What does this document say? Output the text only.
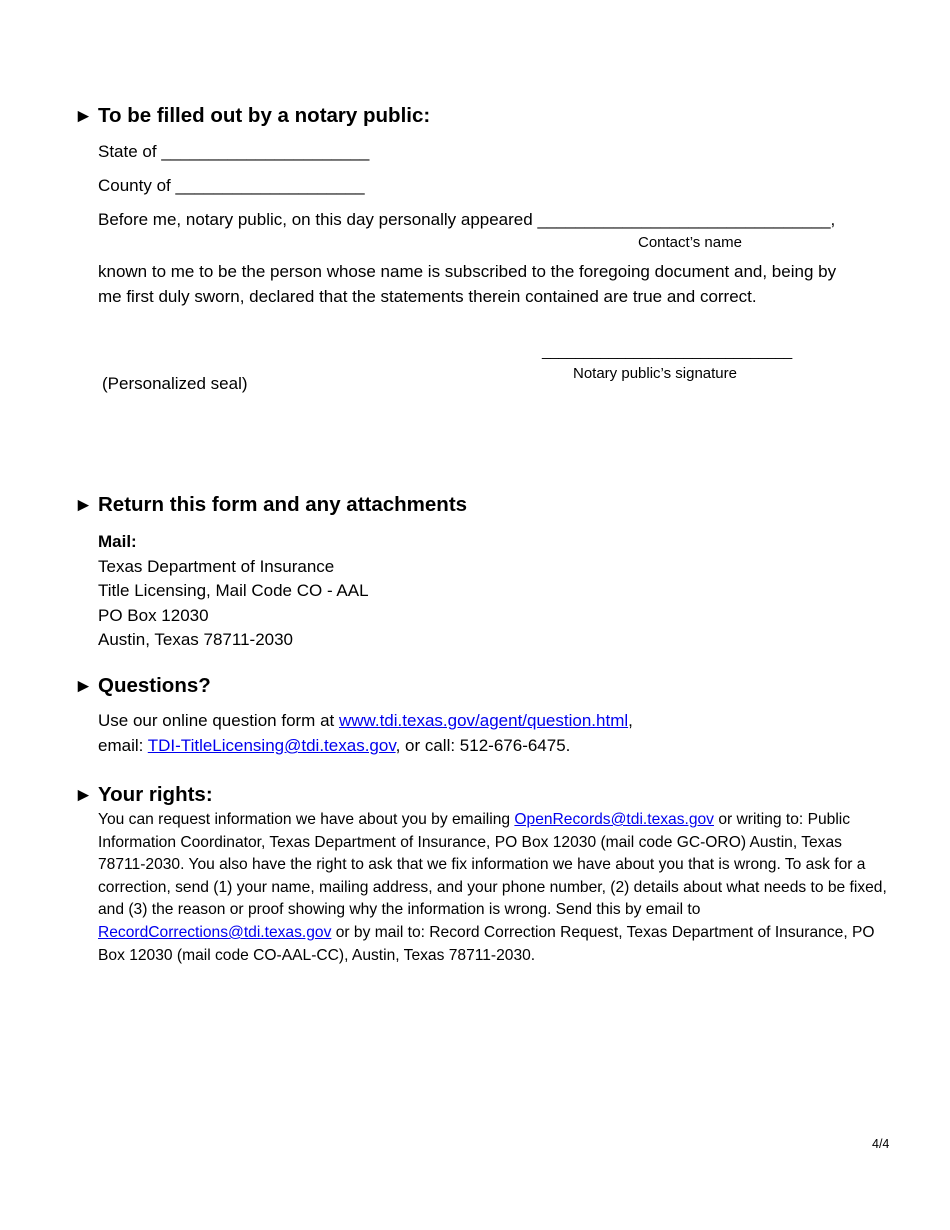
► To be filled out by a notary public:
State of ______________________
County of ____________________
Before me, notary public, on this day personally appeared _______________________________,
Contact’s name
known to me to be the person whose name is subscribed to the foregoing document and, being by me first duly sworn, declared that the statements therein contained are true and correct.
______________________________
Notary public’s signature
(Personalized seal)
► Return this form and any attachments
Mail:
Texas Department of Insurance
Title Licensing, Mail Code CO - AAL
PO Box 12030
Austin, Texas 78711-2030
► Questions?
Use our online question form at www.tdi.texas.gov/agent/question.html,
email: TDI-TitleLicensing@tdi.texas.gov, or call: 512-676-6475.
► Your rights:
You can request information we have about you by emailing OpenRecords@tdi.texas.gov or writing to: Public Information Coordinator, Texas Department of Insurance, PO Box 12030 (mail code GC-ORO) Austin, Texas 78711-2030. You also have the right to ask that we fix information we have about you that is wrong. To ask for a correction, send (1) your name, mailing address, and your phone number, (2) details about what needs to be fixed, and (3) the reason or proof showing why the information is wrong. Send this by email to RecordCorrections@tdi.texas.gov or by mail to: Record Correction Request, Texas Department of Insurance, PO Box 12030 (mail code CO-AAL-CC), Austin, Texas 78711-2030.
4/4
